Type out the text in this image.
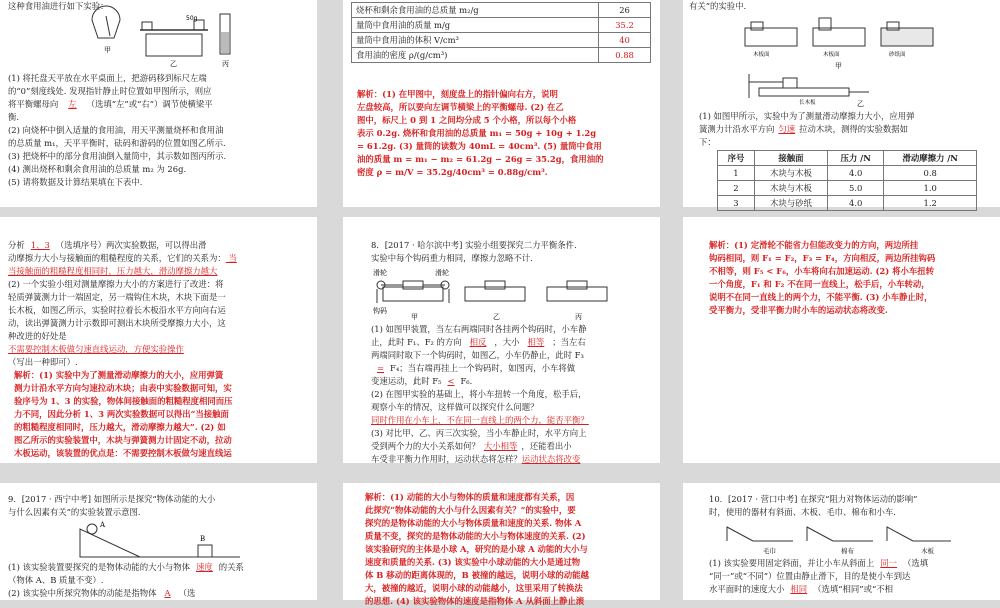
这种食用油进行如下实验：
50g
甲
乙	丙
(1) 将托盘天平放在水平桌面上，把游码移到标尺左端
的“0”刻度线处. 发现指针静止时位置如甲图所示，则应
将平衡螺母向 左 （选填“左”或“右”）调节使横梁平
衡.
(2) 向烧杯中倒入适量的食用油，用天平测量烧杯和食用油
的总质量 m₁，天平平衡时，砝码和游码的位置如图乙所示.
(3) 把烧杯中的部分食用油倒入量筒中，其示数如图丙所示.
(4) 测出烧杯和剩余食用油的总质量 m₂ 为 26g.
(5) 请将数据及计算结果填在下表中.
烧杯和剩余食用油的总质量 m₂/g	26
量筒中食用油的质量 m/g	35.2
量筒中食用油的体积 V/cm³	40
食用油的密度 ρ/(g/cm³)	0.88
解析：(1) 在甲图中，刻度盘上的指针偏向右方，说明
左盘较高，所以要向左调节横梁上的平衡螺母. (2) 在乙
图中，标尺上 0 到 1 之间均分成 5 个小格，所以每个小格
表示 0.2g. 烧杯和食用油的总质量 m₁ = 50g + 10g + 1.2g
= 61.2g. (3) 量筒的读数为 40mL = 40cm³. (5) 量筒中食用
油的质量 m = m₁ − m₂ = 61.2g − 26g = 35.2g，食用油的
密度 ρ = m/V = 35.2g/40cm³ = 0.88g/cm³.
有关”的实验中.
木板面	木板面	砂纸面
甲
长木板	乙
(1) 如图甲所示，实验中为了测量滑动摩擦力大小，应用弹
簧测力计沿水平方向 匀速 拉动木块，测得的实验数据如
下：
序号	接触面	压力 /N	滑动摩擦力 /N
1	木块与木板	4.0	0.8
2	木块与木板	5.0	1.0
3	木块与砂纸	4.0	1.2
分析 1、3 （选填序号）两次实验数据，可以得出滑
动摩擦力大小与接触面的粗糙程度的关系，它们的关系为： 当
当接触面的粗糙程度相同时，压力越大，滑动摩擦力越大
(2) 一个实验小组对测量摩擦力大小的方案进行了改进：将
轻质弹簧测力计一端固定，另一端钩住木块，木块下面是一
长木板，如图乙所示，实验时拉着长木板沿水平方向向右运
动，读出弹簧测力计示数即可测出木块所受摩擦力大小，这
种改进的好处是
不需要控制木板做匀速直线运动，方便实验操作
（写出一种即可）.
解析：(1) 实验中为了测量滑动摩擦力的大小，应用弹簧
测力计沿水平方向匀速拉动木块；由表中实验数据可知，实
验序号为 1、3 的实验，物体间接触面的粗糙程度相同而压
力不同，因此分析 1、3 两次实验数据可以得出“当接触面
的粗糙程度相同时，压力越大，滑动摩擦力越大”. (2) 如
图乙所示的实验装置中，木块与弹簧测力计固定不动，拉动
木板运动，该装置的优点是：不需要控制木板做匀速直线运
8．[2017 · 哈尔滨中考] 实验小组要探究二力平衡条件.
实验中每个钩码重力相同，摩擦力忽略不计.
滑轮	滑轮
钩码
甲	乙	丙
(1) 如图甲装置，当左右两端同时各挂两个钩码时，小车静
止，此时 F₁、F₂ 的方向 相反 ，大小 相等 ；当左右
两端同时取下一个钩码时，如图乙，小车仍静止，此时 F₃
= F₄；当右端再挂上一个钩码时，如图丙，小车将做
变速运动，此时 F₅ < F₆.
(2) 在图甲实验的基础上，将小车扭转一个角度，松手后，
观察小车的情况，这样做可以探究什么问题？
同时作用在小车上，不在同一直线上的两个力，能否平衡？
(3) 对比甲、乙、丙三次实验，当小车静止时，水平方向上
受到两个力的大小关系如何？ 大小相等 ，还能看出小
车受非平衡力作用时，运动状态将怎样？运动状态将改变
解析：(1) 定滑轮不能省力但能改变力的方向，两边所挂
钩码相同，则 F₁ = F₂，F₃ = F₄，方向相反，两边所挂钩码
不相等，则 F₅ < F₆，小车将向右加速运动. (2) 将小车扭转
一个角度，F₁ 和 F₂ 不在同一直线上，松手后，小车转动，
说明不在同一直线上的两个力，不能平衡. (3) 小车静止时，
受平衡力，受非平衡力时小车的运动状态将改变.
9．[2017 · 西宁中考] 如图所示是探究“物体动能的大小
与什么因素有关”的实验装置示意图.
A
B
(1) 该实验装置要探究的是物体动能的大小与物体 速度 的关系
（物体 A、B 质量不变）.
(2) 该实验中所探究物体的动能是指物体 A （选
解析：(1) 动能的大小与物体的质量和速度都有关系，因
此探究“物体动能的大小与什么因素有关？”的实验中，要
探究的是物体动能的大小与物体质量和速度的关系. 物体 A
质量不变，探究的是物体动能的大小与物体速度的关系. (2)
该实验研究的主体是小球 A，研究的是小球 A 动能的大小与
速度和质量的关系. (3) 该实验中小球动能的大小是通过物
体 B 移动的距离体现的，B 被撞的越远，说明小球的动能越
大，被撞的越近，说明小球的动能越小，这里采用了转换法
的思想. (4) 该实验物体的速度是指物体 A 从斜面上静止滚
10．[2017 · 营口中考] 在探究“阻力对物体运动的影响”
时，使用的器材有斜面、木板、毛巾、棉布和小车.
毛巾	棉布	木板
(1) 该实验要用固定斜面，并让小车从斜面上 同一 （选填
“同一”或“不同”）位置由静止滑下，目的是使小车到达
水平面时的速度大小 相同 （选填“相同”或“不相
